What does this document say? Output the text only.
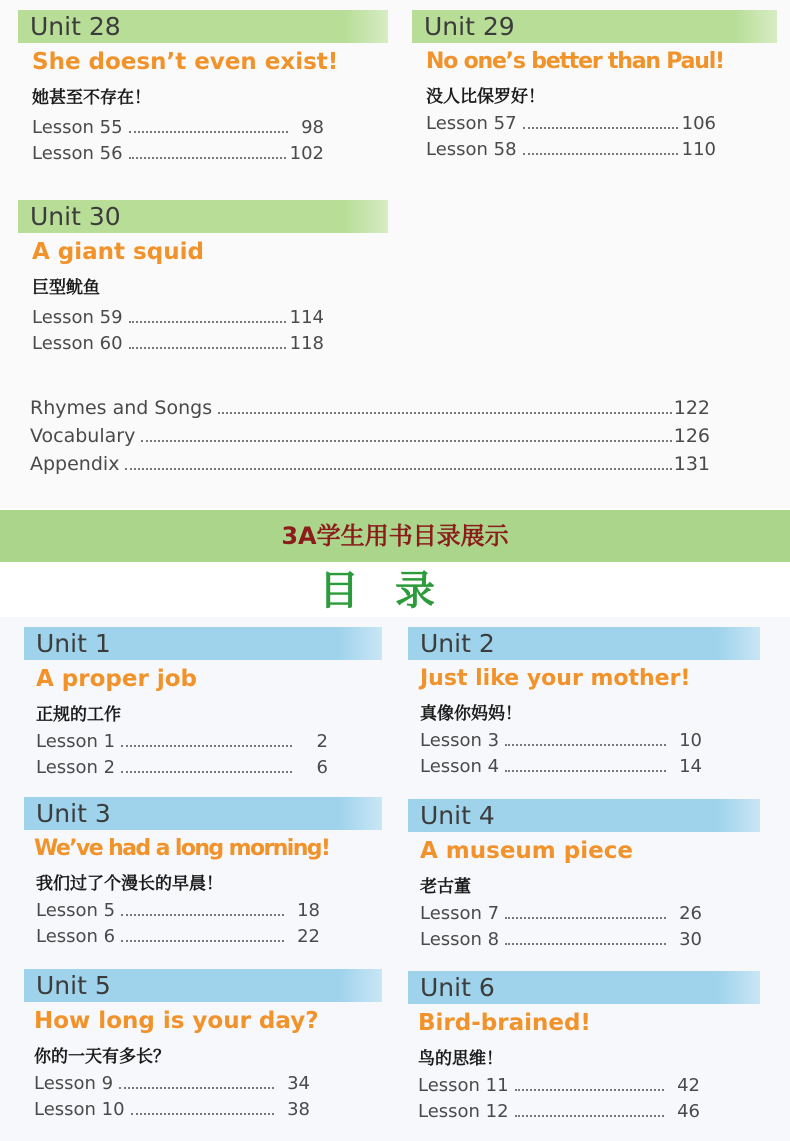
Unit 28
She doesn’t even exist!
她甚至不存在！
Lesson 55	98
Lesson 56	102
Unit 29
No one’s better than Paul!
没人比保罗好！
Lesson 57	106
Lesson 58	110
Unit 30
A giant squid
巨型鱿鱼
Lesson 59	114
Lesson 60	118
Rhymes and Songs	122
Vocabulary	126
Appendix	131
3A学生用书目录展示
目录
Unit 1
A proper job
正规的工作
Lesson 1	2
Lesson 2	6
Unit 2
Just like your mother!
真像你妈妈！
Lesson 3	10
Lesson 4	14
Unit 3
We’ve had a long morning!
我们过了个漫长的早晨！
Lesson 5	18
Lesson 6	22
Unit 4
A museum piece
老古董
Lesson 7	26
Lesson 8	30
Unit 5
How long is your day?
你的一天有多长？
Lesson 9	34
Lesson 10	38
Unit 6
Bird-brained!
鸟的思维！
Lesson 11	42
Lesson 12	46
